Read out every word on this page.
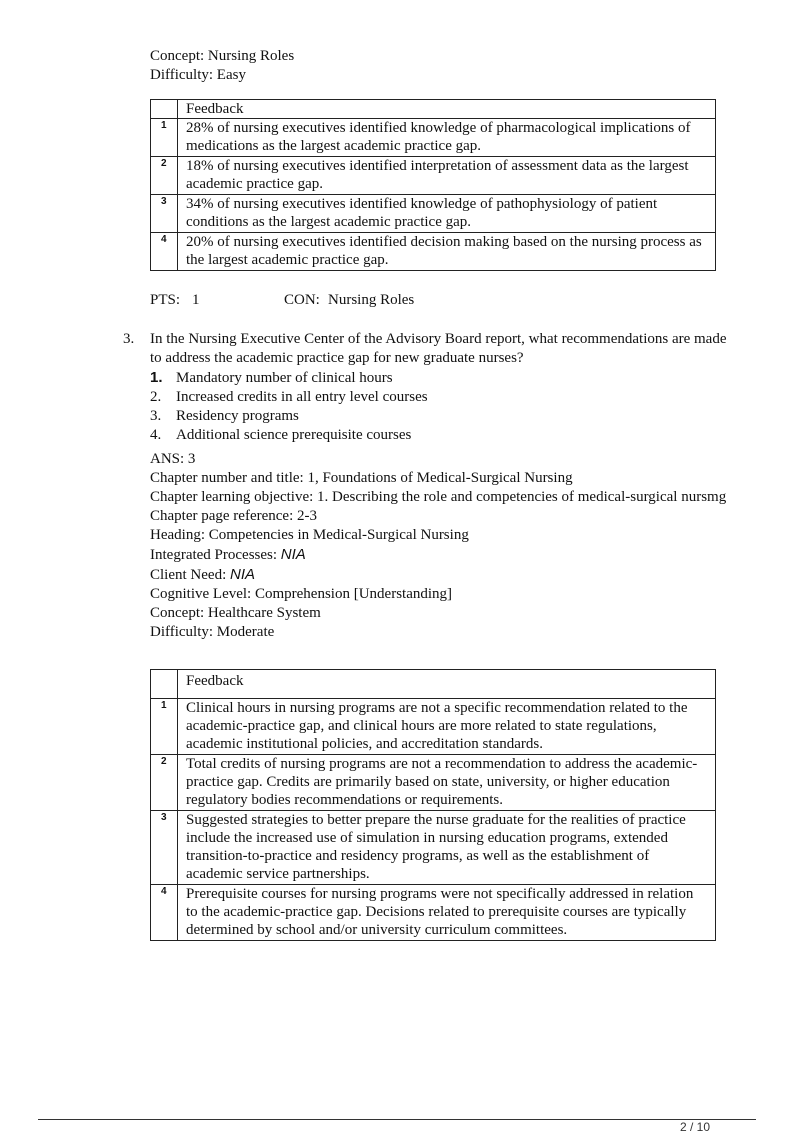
Concept: Nursing Roles

Difficulty: Easy

	Feedback
1	28% of nursing executives identified knowledge of pharmacological implications of medications as the largest academic practice gap.
2	18% of nursing executives identified interpretation of assessment data as the largest academic practice gap.
3	34% of nursing executives identified knowledge of pathophysiology of patient conditions as the largest academic practice gap.
4	20% of nursing executives identified decision making based on the nursing process as the largest academic practice gap.
PTS: 1	CON: Nursing Roles
3. In the Nursing Executive Center of the Advisory Board report, what recommendations are made to address the academic practice gap for new graduate nurses?
1. Mandatory number of clinical hours
2. Increased credits in all entry level courses
3. Residency programs
4. Additional science prerequisite courses

ANS: 3

Chapter number and title: 1, Foundations of Medical-Surgical Nursing

Chapter learning objective: 1. Describing the role and competencies of medical-surgical nursmg

Chapter page reference: 2-3

Heading: Competencies in Medical-Surgical Nursing

Integrated Processes: NIA

Client Need: NIA

Cognitive Level: Comprehension [Understanding]

Concept: Healthcare System

Difficulty: Moderate

	Feedback
1	Clinical hours in nursing programs are not a specific recommendation related to the academic-practice gap, and clinical hours are more related to state regulations, academic institutional policies, and accreditation standards.
2	Total credits of nursing programs are not a recommendation to address the academic-practice gap. Credits are primarily based on state, university, or higher education regulatory bodies recommendations or requirements.
3	Suggested strategies to better prepare the nurse graduate for the realities of practice include the increased use of simulation in nursing education programs, extended transition-to-practice and residency programs, as well as the establishment of academic service partnerships.
4	Prerequisite courses for nursing programs were not specifically addressed in relation to the academic-practice gap. Decisions related to prerequisite courses are typically determined by school and/or university curriculum committees.
2 / 10
